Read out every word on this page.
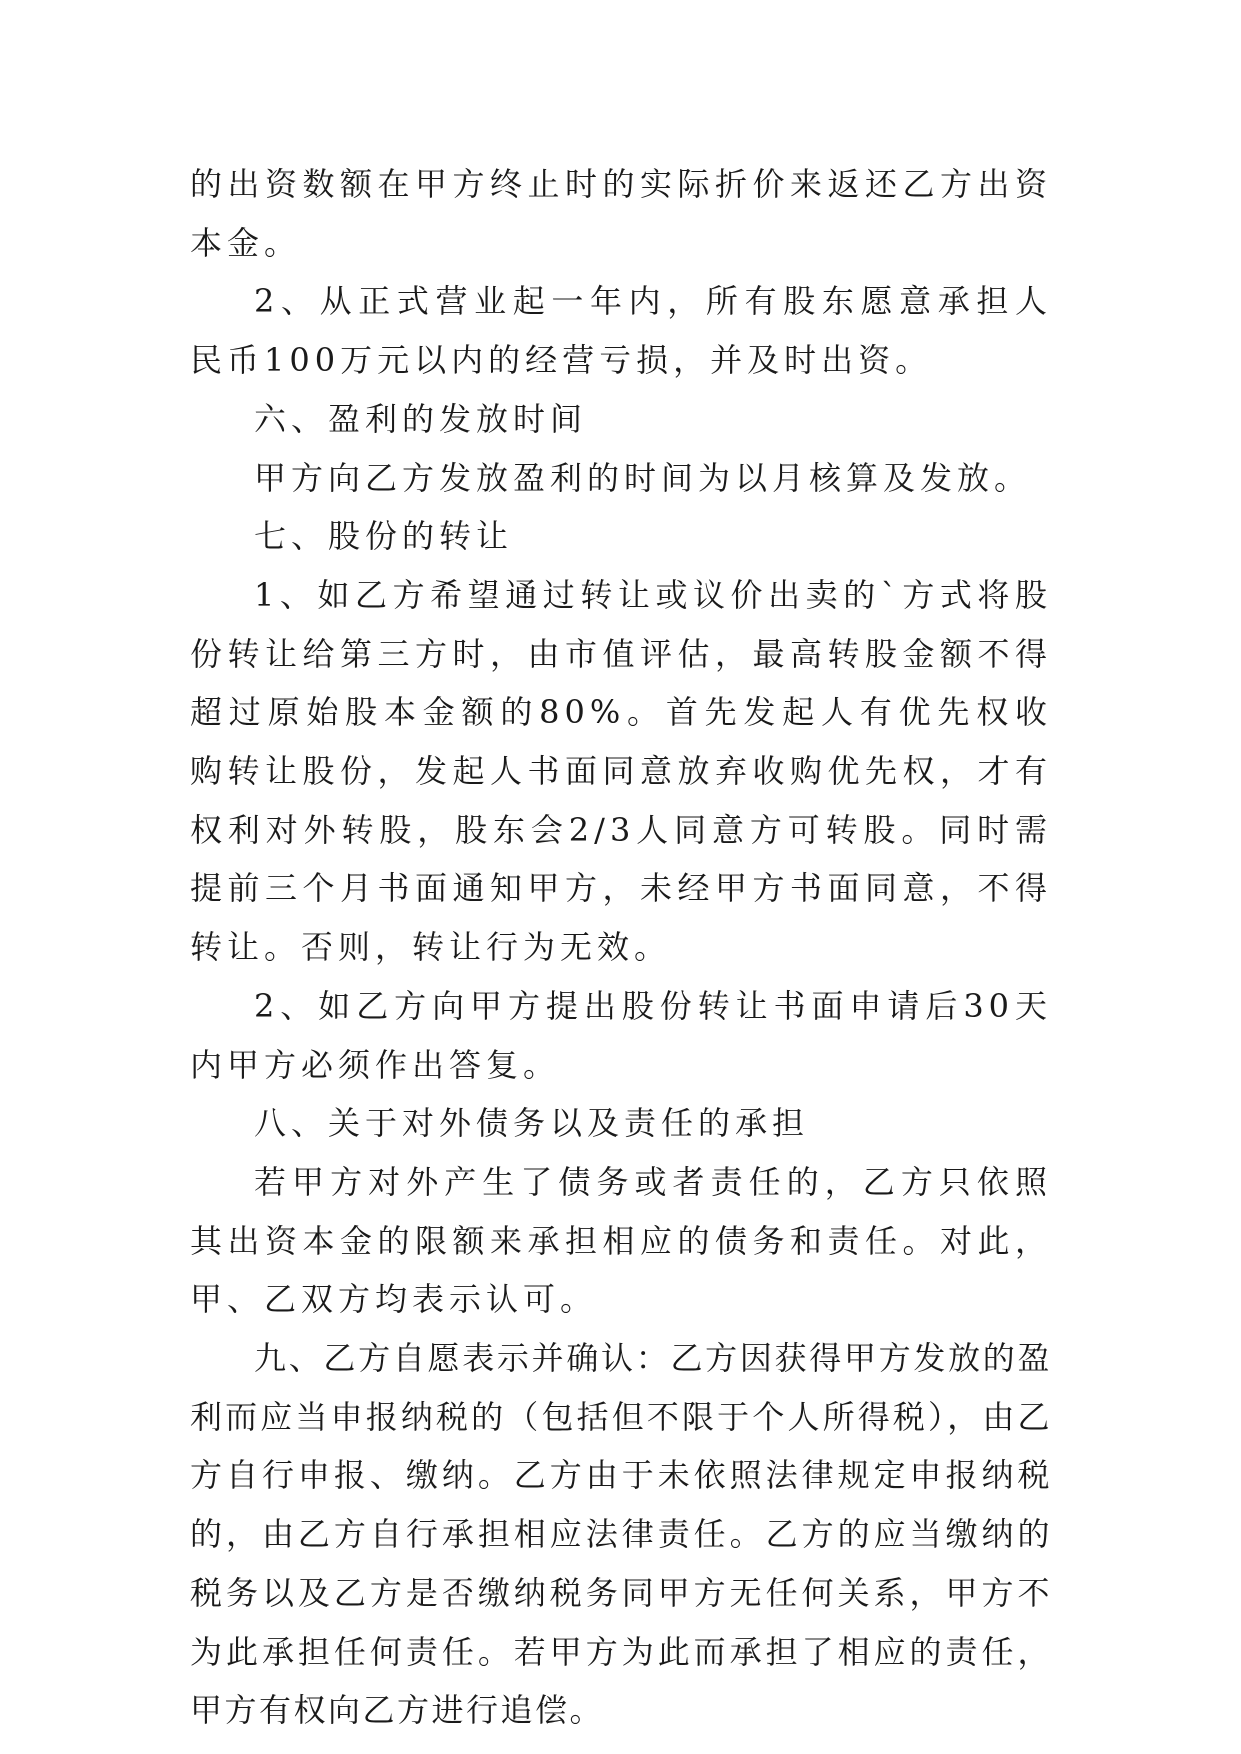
的出资数额在甲方终止时的实际折价来返还乙方出资本金。

2、从正式营业起一年内，所有股东愿意承担人民币100万元以内的经营亏损，并及时出资。

六、盈利的发放时间

甲方向乙方发放盈利的时间为以月核算及发放。

七、股份的转让

1、如乙方希望通过转让或议价出卖的`方式将股份转让给第三方时，由市值评估，最高转股金额不得超过原始股本金额的80%。首先发起人有优先权收购转让股份，发起人书面同意放弃收购优先权，才有权利对外转股，股东会2/3人同意方可转股。同时需提前三个月书面通知甲方，未经甲方书面同意，不得转让。否则，转让行为无效。

2、如乙方向甲方提出股份转让书面申请后30天内甲方必须作出答复。

八、关于对外债务以及责任的承担

若甲方对外产生了债务或者责任的，乙方只依照其出资本金的限额来承担相应的债务和责任。对此，甲、乙双方均表示认可。

九、乙方自愿表示并确认：乙方因获得甲方发放的盈利而应当申报纳税的（包括但不限于个人所得税），由乙方自行申报、缴纳。乙方由于未依照法律规定申报纳税的，由乙方自行承担相应法律责任。乙方的应当缴纳的税务以及乙方是否缴纳税务同甲方无任何关系，甲方不为此承担任何责任。若甲方为此而承担了相应的责任，甲方有权向乙方进行追偿。
